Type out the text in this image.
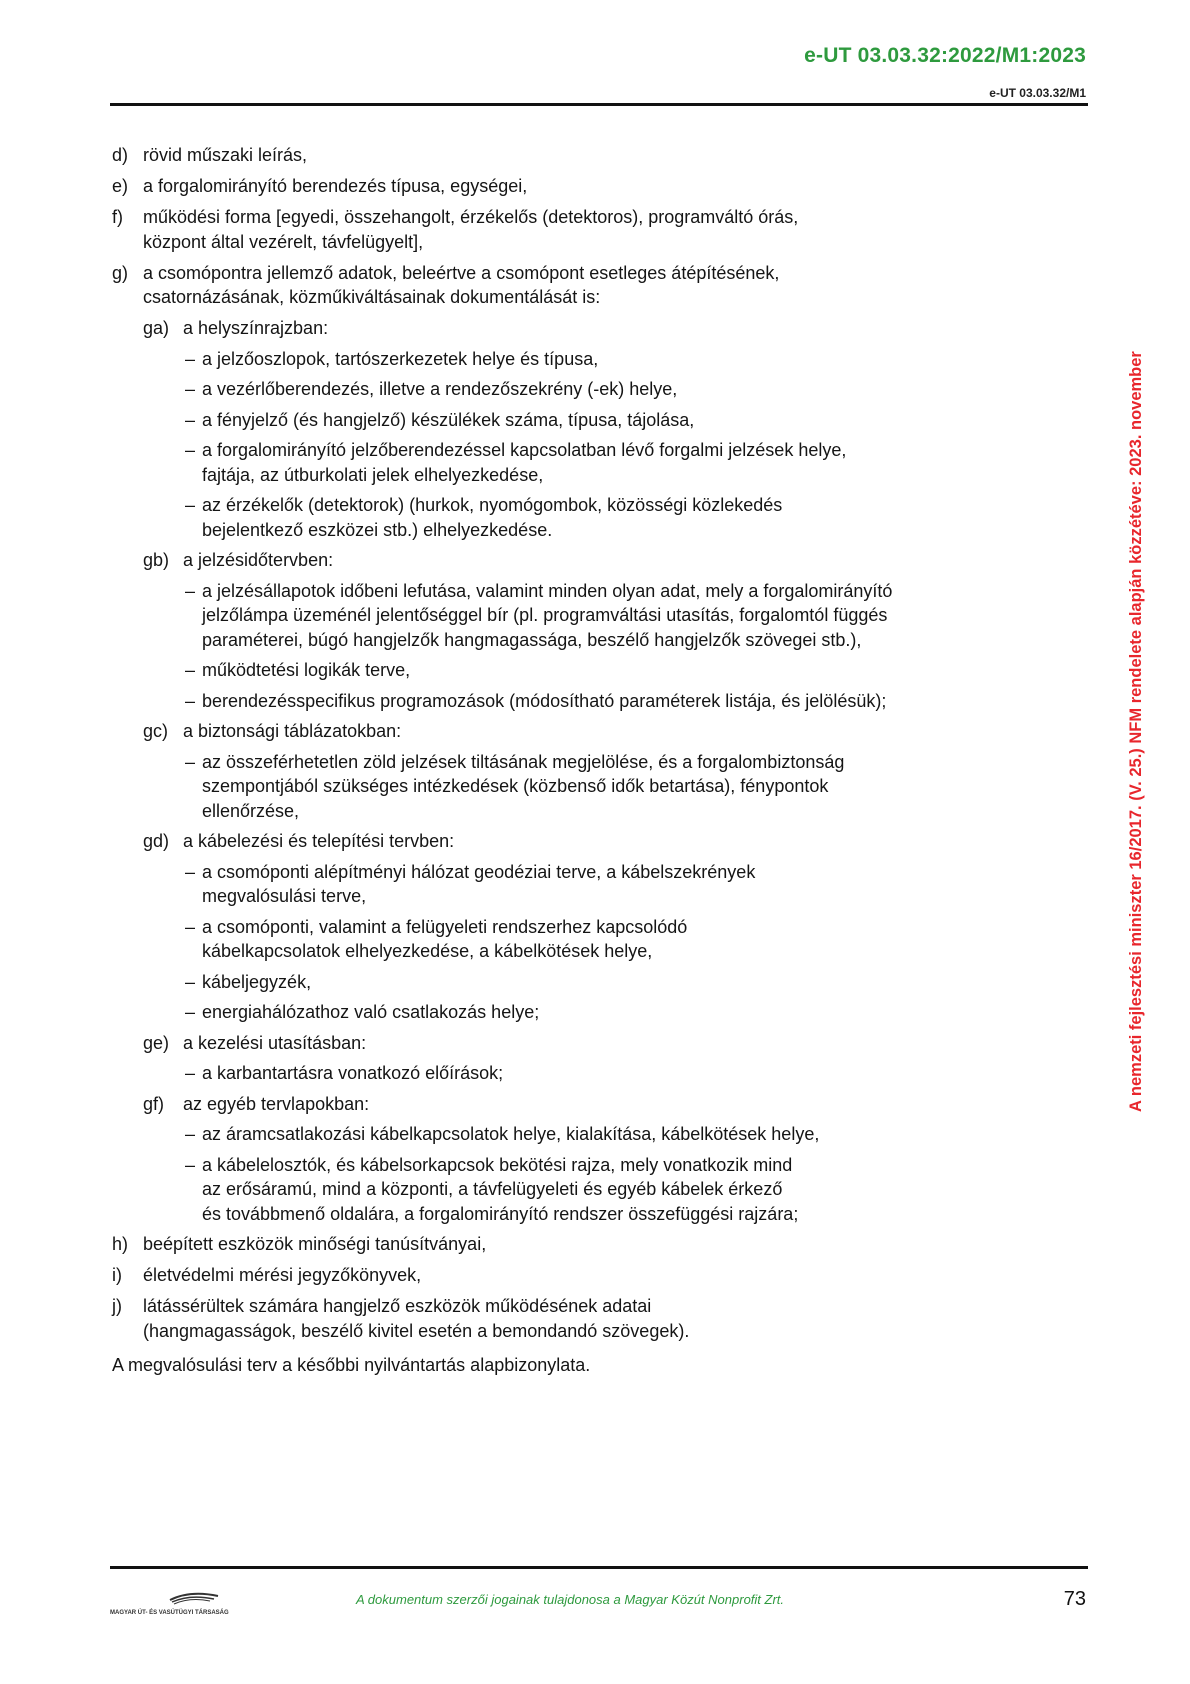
e-UT 03.03.32:2022/M1:2023
e-UT 03.03.32/M1
A nemzeti fejlesztési miniszter 16/2017. (V. 25.) NFM rendelete alapján közzétéve: 2023. november
d) rövid műszaki leírás,
e) a forgalomirányító berendezés típusa, egységei,
f)	működési forma [egyedi, összehangolt, érzékelős (detektoros), programváltó órás,
központ által vezérelt, távfelügyelt],
g) a csomópontra jellemző adatok, beleértve a csomópont esetleges átépítésének,
csatornázásának, közműkiváltásainak dokumentálását is:
ga) a helyszínrajzban:
– a jelzőoszlopok, tartószerkezetek helye és típusa,
– a vezérlőberendezés, illetve a rendezőszekrény (-ek) helye,
– a fényjelző (és hangjelző) készülékek száma, típusa, tájolása,
– a forgalomirányító jelzőberendezéssel kapcsolatban lévő forgalmi jelzések helye,
fajtája, az útburkolati jelek elhelyezkedése,
– az érzékelők (detektorok) (hurkok, nyomógombok, közösségi közlekedés
bejelentkező eszközei stb.) elhelyezkedése.
gb) a jelzésidőtervben:
– a jelzésállapotok időbeni lefutása, valamint minden olyan adat, mely a forgalomirányító
jelzőlámpa üzeménél jelentőséggel bír (pl. programváltási utasítás, forgalomtól függés
paraméterei, búgó hangjelzők hangmagassága, beszélő hangjelzők szövegei stb.),
– működtetési logikák terve,
– berendezésspecifikus programozások (módosítható paraméterek listája, és jelölésük);
gc) a biztonsági táblázatokban:
– az összeférhetetlen zöld jelzések tiltásának megjelölése, és a forgalombiztonság
szempontjából szükséges intézkedések (közbenső idők betartása), fénypontok
ellenőrzése,
gd) a kábelezési és telepítési tervben:
– a csomóponti alépítményi hálózat geodéziai terve, a kábelszekrények
megvalósulási terve,
– a csomóponti, valamint a felügyeleti rendszerhez kapcsolódó
kábelkapcsolatok elhelyezkedése, a kábelkötések helye,
– kábeljegyzék,
– energiahálózathoz való csatlakozás helye;
ge) a kezelési utasításban:
– a karbantartásra vonatkozó előírások;
gf)	az egyéb tervlapokban:
– az áramcsatlakozási kábelkapcsolatok helye, kialakítása, kábelkötések helye,
– a kábelelosztók, és kábelsorkapcsok bekötési rajza, mely vonatkozik mind
az erősáramú, mind a központi, a távfelügyeleti és egyéb kábelek érkező
és továbbmenő oldalára, a forgalomirányító rendszer összefüggési rajzára;
h) beépített eszközök minőségi tanúsítványai,
i)	életvédelmi mérési jegyzőkönyvek,
j)	látássérültek számára hangjelző eszközök működésének adatai
(hangmagasságok, beszélő kivitel esetén a bemondandó szövegek).
A megvalósulási terv a későbbi nyilvántartás alapbizonylata.
MAGYAR ÚT- ÉS VASÚTÜGYI TÁRSASÁG
A dokumentum szerzői jogainak tulajdonosa a Magyar Közút Nonprofit Zrt.	73
